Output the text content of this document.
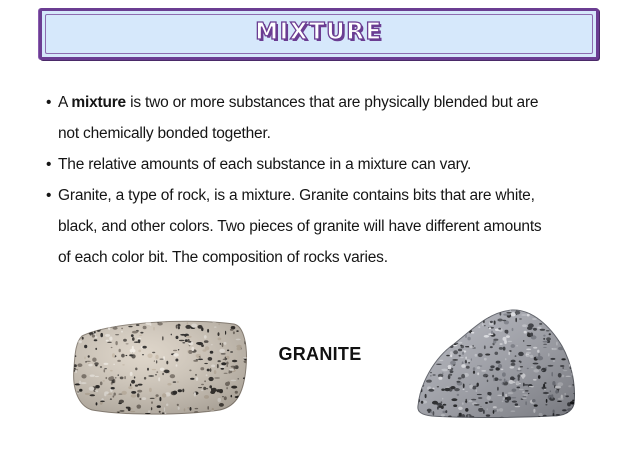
MIXTURE
• A mixture is two or more substances that are physically blended but are
not chemically bonded together.
• The relative amounts of each substance in a mixture can vary.
• Granite, a type of rock, is a mixture. Granite contains bits that are white,
black, and other colors. Two pieces of granite will have different amounts
of each color bit. The composition of rocks varies.
GRANITE
